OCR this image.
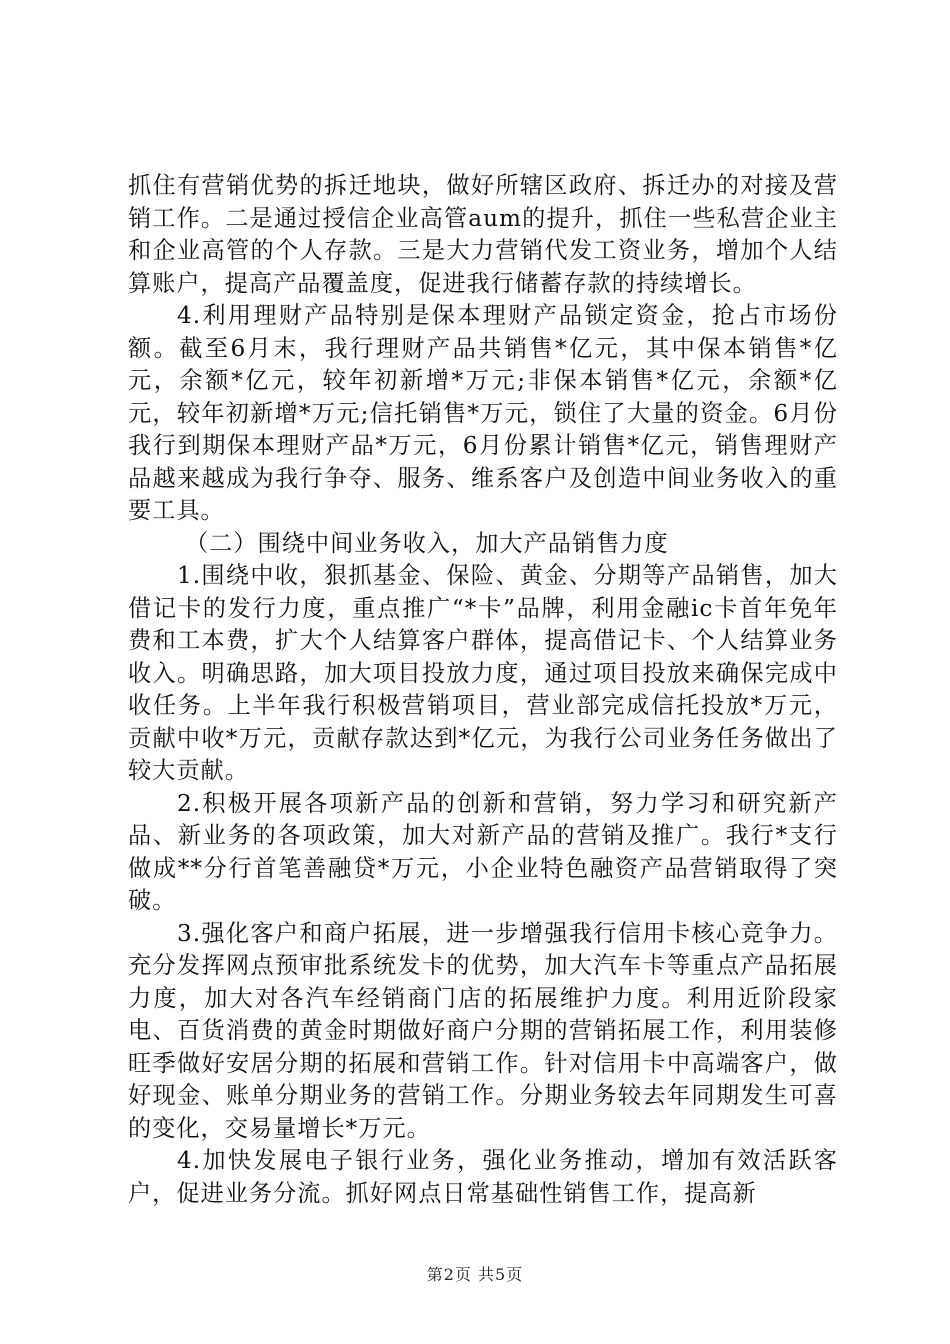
抓住有营销优势的拆迁地块，做好所辖区政府、拆迁办的对接及营销工作。二是通过授信企业高管aum的提升，抓住一些私营企业主和企业高管的个人存款。三是大力营销代发工资业务，增加个人结算账户，提高产品覆盖度，促进我行储蓄存款的持续增长。

4.利用理财产品特别是保本理财产品锁定资金，抢占市场份额。截至6月末，我行理财产品共销售*亿元，其中保本销售*亿元，余额*亿元，较年初新增*万元;非保本销售*亿元，余额*亿元，较年初新增*万元;信托销售*万元，锁住了大量的资金。6月份我行到期保本理财产品*万元，6月份累计销售*亿元，销售理财产品越来越成为我行争夺、服务、维系客户及创造中间业务收入的重要工具。

（二）围绕中间业务收入，加大产品销售力度

1.围绕中收，狠抓基金、保险、黄金、分期等产品销售，加大借记卡的发行力度，重点推广“*卡”品牌，利用金融ic卡首年免年费和工本费，扩大个人结算客户群体，提高借记卡、个人结算业务收入。明确思路，加大项目投放力度，通过项目投放来确保完成中收任务。上半年我行积极营销项目，营业部完成信托投放*万元，贡献中收*万元，贡献存款达到*亿元，为我行公司业务任务做出了较大贡献。

2.积极开展各项新产品的创新和营销，努力学习和研究新产品、新业务的各项政策，加大对新产品的营销及推广。我行*支行做成**分行首笔善融贷*万元，小企业特色融资产品营销取得了突破。

3.强化客户和商户拓展，进一步增强我行信用卡核心竞争力。充分发挥网点预审批系统发卡的优势，加大汽车卡等重点产品拓展力度，加大对各汽车经销商门店的拓展维护力度。利用近阶段家电、百货消费的黄金时期做好商户分期的营销拓展工作，利用装修旺季做好安居分期的拓展和营销工作。针对信用卡中高端客户，做好现金、账单分期业务的营销工作。分期业务较去年同期发生可喜的变化，交易量增长*万元。

4.加快发展电子银行业务，强化业务推动，增加有效活跃客户，促进业务分流。抓好网点日常基础性销售工作，提高新

第2页 共5页
